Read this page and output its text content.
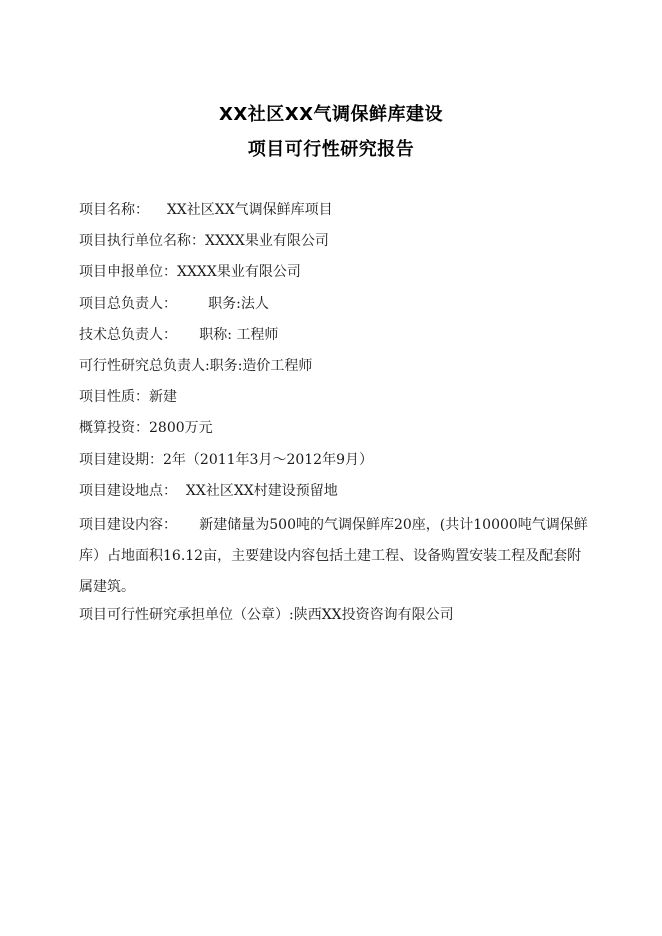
XX社区XX气调保鲜库建设
项目可行性研究报告
项目名称： XX社区XX气调保鲜库项目
项目执行单位名称：XXXX果业有限公司
项目申报单位：XXXX果业有限公司
项目总负责人： 职务:法人
技术总负责人： 职称: 工程师
可行性研究总负责人:职务:造价工程师
项目性质：新建
概算投资：2800万元
项目建设期：2年（2011年3月～2012年9月）
项目建设地点： XX社区XX村建设预留地
项目建设内容： 新建储量为500吨的气调保鲜库20座，(共计10000吨气调保鲜库）占地面积16.12亩，主要建设内容包括土建工程、设备购置安装工程及配套附属建筑。
项目可行性研究承担单位（公章）:陕西XX投资咨询有限公司
